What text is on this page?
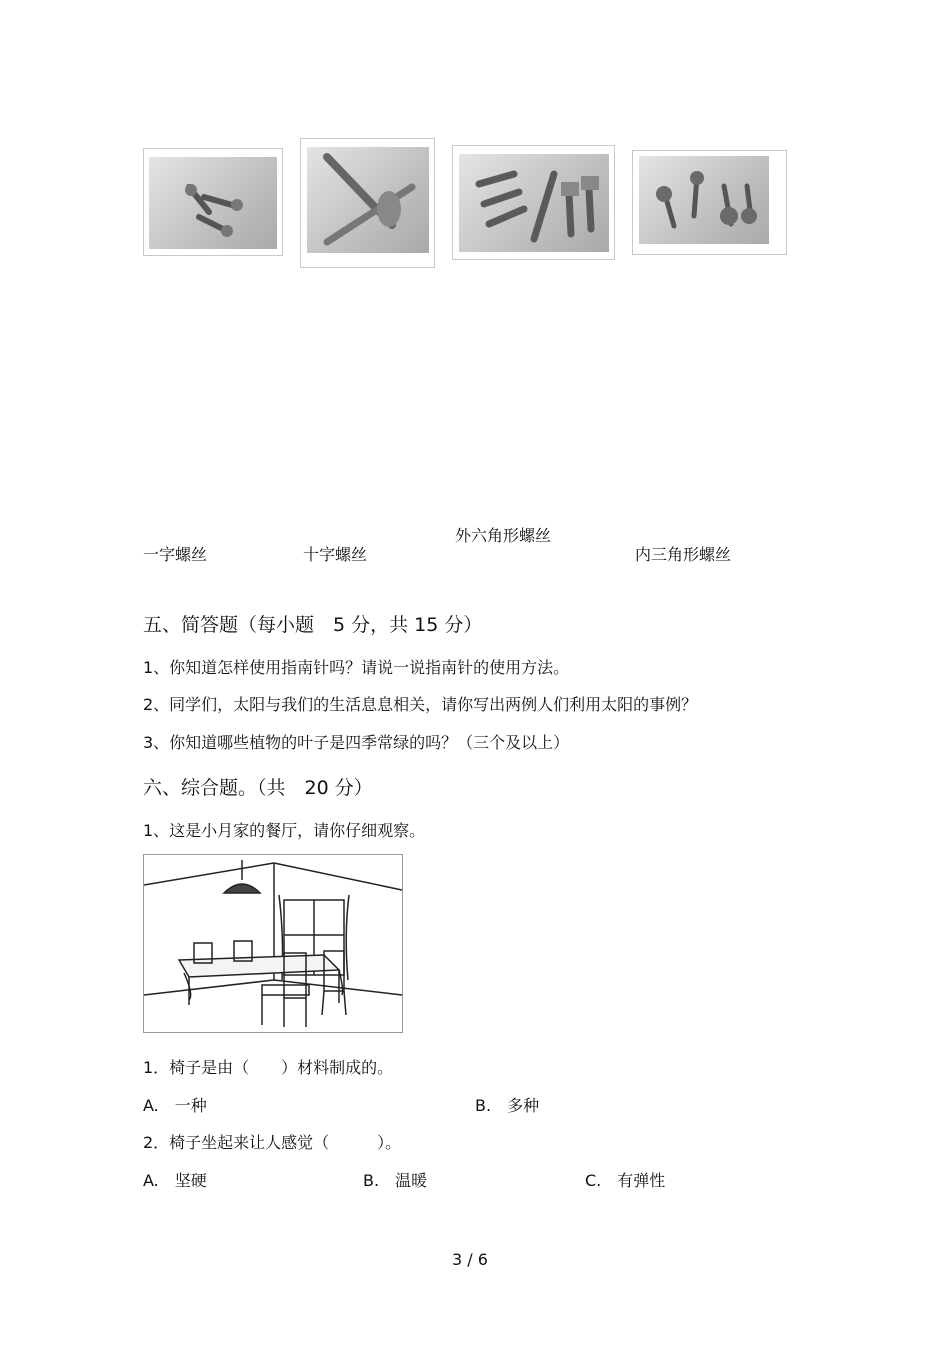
一字螺丝	十字螺丝
外六角形螺丝
内三角形螺丝
五、简答题（每小题　5 分，共 15 分）
1、你知道怎样使用指南针吗？请说一说指南针的使用方法。
2、同学们，太阳与我们的生活息息相关，请你写出两例人们利用太阳的事例？
3、你知道哪些植物的叶子是四季常绿的吗？（三个及以上）
六、综合题。（共　20 分）
1、这是小月家的餐厅，请你仔细观察。
1．椅子是由（　　）材料制成的。
A.　一种	B.　多种
2．椅子坐起来让人感觉（　　　）。
A.　坚硬	B.　温暖	C.　有弹性
3 / 6
